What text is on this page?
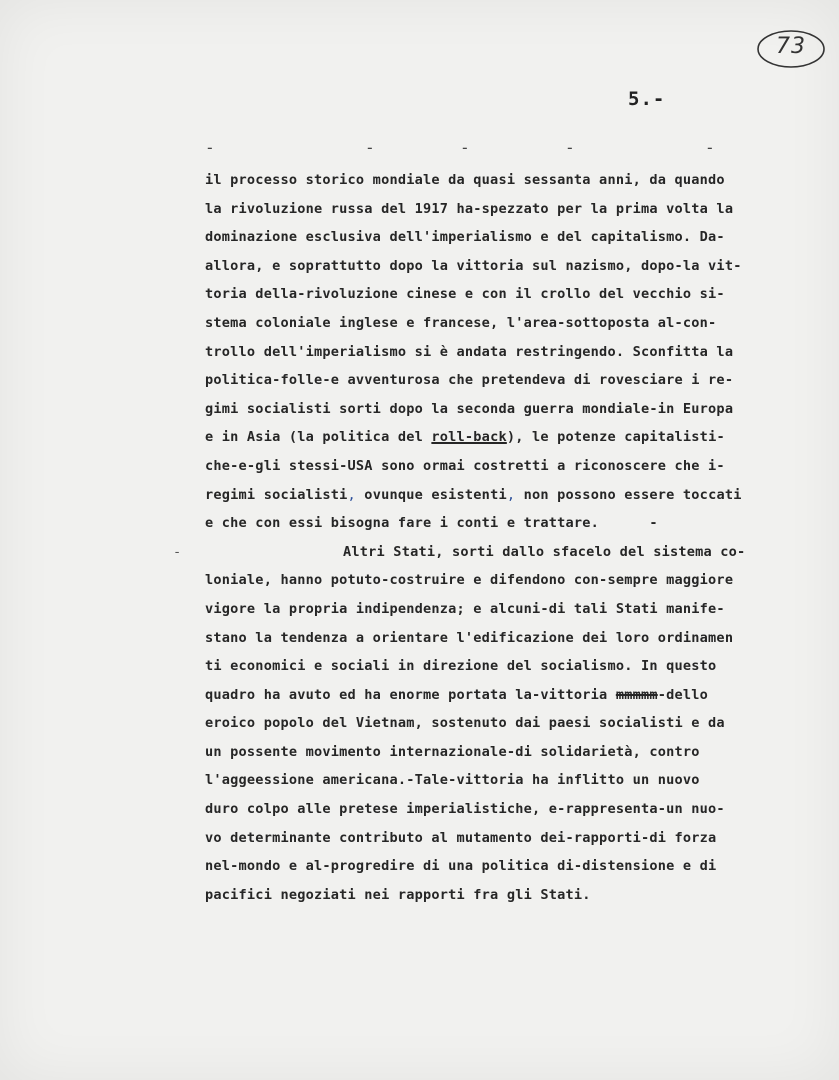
73
5.-
-	-	-	-	-
il processo storico mondiale da quasi sessanta anni, da quando
la rivoluzione russa del 1917 ha-spezzato per la prima volta la
dominazione esclusiva dell'imperialismo e del capitalismo. Da-
allora, e soprattutto dopo la vittoria sul nazismo, dopo-la vit-
toria della-rivoluzione cinese e con il crollo del vecchio si-
stema coloniale inglese e francese, l'area-sottoposta al-con-
trollo dell'imperialismo si è andata restringendo. Sconfitta la
politica-folle-e avventurosa che pretendeva di rovesciare i re-
gimi socialisti sorti dopo la seconda guerra mondiale-in Europa
e in Asia (la politica del roll-back), le potenze capitalisti-
che-e-gli stessi-USA sono ormai costretti a riconoscere che i-
regimi socialisti, ovunque esistenti, non possono essere toccati
e che con essi bisogna fare i conti e trattare.      -
-	Altri Stati, sorti dallo sfacelo del sistema co-
loniale, hanno potuto-costruire e difendono con-sempre maggiore
vigore la propria indipendenza; e alcuni-di tali Stati manife-
stano la tendenza a orientare l'edificazione dei loro ordinamen
ti economici e sociali in direzione del socialismo. In questo
quadro ha avuto ed ha enorme portata la-vittoria mmmmm-dello
eroico popolo del Vietnam, sostenuto dai paesi socialisti e da
un possente movimento internazionale-di solidarietà, contro
l'aggeessione americana.-Tale-vittoria ha inflitto un nuovo
duro colpo alle pretese imperialistiche, e-rappresenta-un nuo-
vo determinante contributo al mutamento dei-rapporti-di forza
nel-mondo e al-progredire di una politica di-distensione e di
pacifici negoziati nei rapporti fra gli Stati.
